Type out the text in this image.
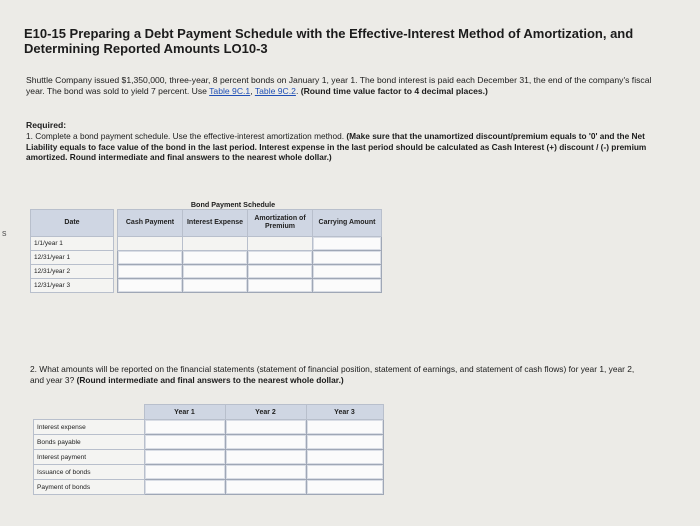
s
E10-15 Preparing a Debt Payment Schedule with the Effective-Interest Method of Amortization, and Determining Reported Amounts LO10-3
Shuttle Company issued $1,350,000, three-year, 8 percent bonds on January 1, year 1. The bond interest is paid each December 31, the end of the company's fiscal year. The bond was sold to yield 7 percent. Use Table 9C.1, Table 9C.2. (Round time value factor to 4 decimal places.)
Required:
1. Complete a bond payment schedule. Use the effective-interest amortization method. (Make sure that the unamortized discount/premium equals to '0' and the Net Liability equals to face value of the bond in the last period. Interest expense in the last period should be calculated as Cash Interest (+) discount / (-) premium amortized. Round intermediate and final answers to the nearest whole dollar.)
Bond Payment Schedule
Date		Cash Payment	Interest Expense	Amortization of Premium	Carrying Amount
1/1/year 1					
12/31/year 1					
12/31/year 2					
12/31/year 3					
2. What amounts will be reported on the financial statements (statement of financial position, statement of earnings, and statement of cash flows) for year 1, year 2, and year 3? (Round intermediate and final answers to the nearest whole dollar.)
	Year 1	Year 2	Year 3
Interest expense			
Bonds payable			
Interest payment			
Issuance of bonds			
Payment of bonds			
